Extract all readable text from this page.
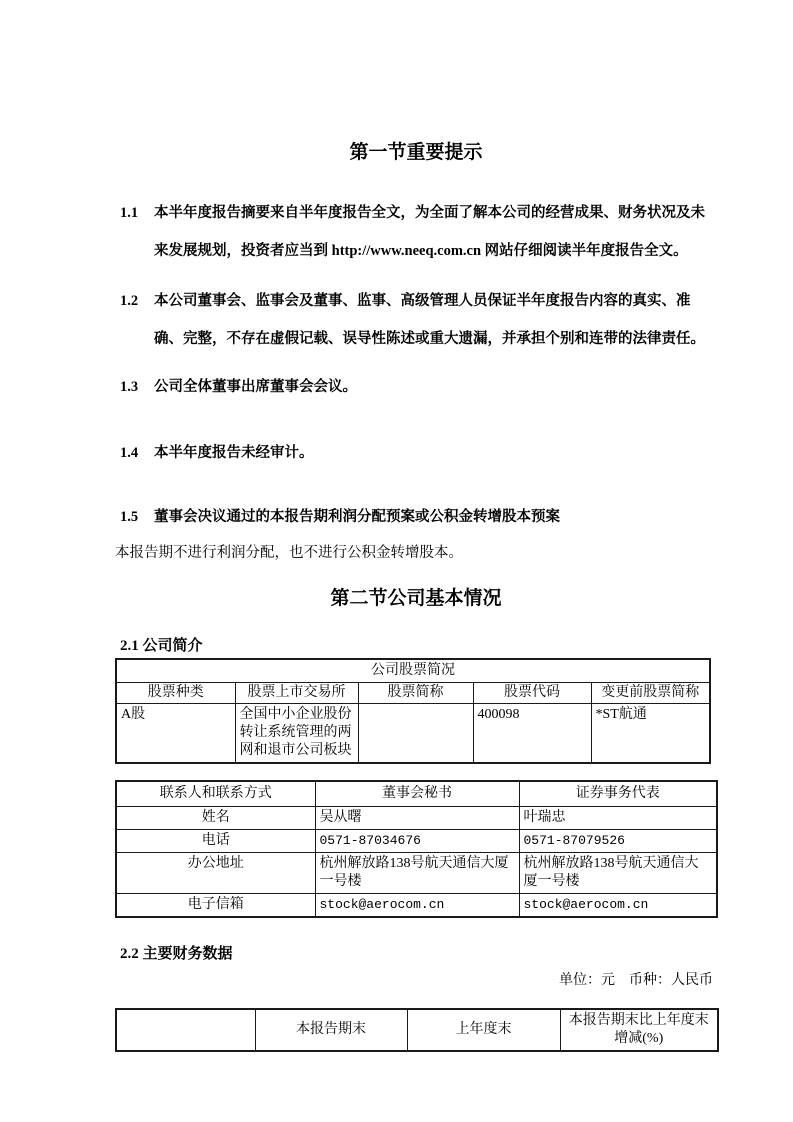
第一节重要提示
1.1	本半年度报告摘要来自半年度报告全文，为全面了解本公司的经营成果、财务状况及未来发展规划，投资者应当到 http://www.neeq.com.cn 网站仔细阅读半年度报告全文。
1.2	本公司董事会、监事会及董事、监事、高级管理人员保证半年度报告内容的真实、准确、完整，不存在虚假记载、误导性陈述或重大遗漏，并承担个别和连带的法律责任。
1.3	公司全体董事出席董事会会议。
1.4	本半年度报告未经审计。
1.5	董事会决议通过的本报告期利润分配预案或公积金转增股本预案

本报告期不进行利润分配，也不进行公积金转增股本。

第二节公司基本情况
2.1 公司简介
公司股票简况				
股票种类	股票上市交易所	股票简称	股票代码	变更前股票简称
A股	全国中小企业股份转让系统管理的两网和退市公司板块		400098	*ST航通
联系人和联系方式	董事会秘书	证券事务代表
姓名	吴从曙	叶瑞忠
电话	0571-87034676	0571-87079526
办公地址	杭州解放路138号航天通信大厦一号楼	杭州解放路138号航天通信大厦一号楼
电子信箱	stock@aerocom.cn	stock@aerocom.cn
2.2 主要财务数据
单位：元　币种：人民币
	本报告期末	上年度末	本报告期末比上年度末增减(%)
